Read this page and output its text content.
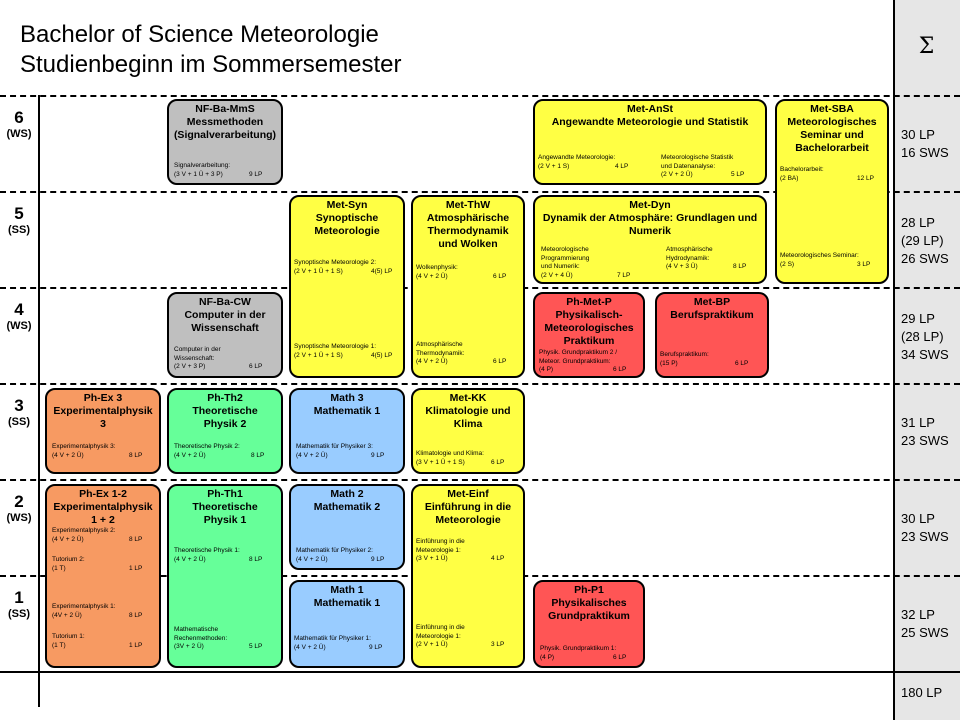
Σ
Bachelor of Science Meteorologie
Studienbeginn im Sommersemester
6
(WS)
5
(SS)
4
(WS)
3
(SS)
2
(WS)
1
(SS)
30 LP
16 SWS
28 LP
(29 LP)
26 SWS
29 LP
(28 LP)
34 SWS
31 LP
23 SWS
30 LP
23 SWS
32 LP
25 SWS
180 LP
Ph-Ex 3
Experimentalphysik
3
Experimentalphysik 3:
(4 V + 2 Ü)	8 LP
Ph-Ex 1-2
Experimentalphysik
1 + 2
Experimentalphysik 2:
(4 V + 2 Ü)	8 LP
Tutorium 2:
(1 T)	1 LP
Experimentalphysik 1:
(4V + 2 Ü)	8 LP
Tutorium 1:
(1 T)	1 LP
Ph-Th2
Theoretische
Physik 2
Theoretische Physik 2:
(4 V + 2 Ü)	8 LP
Ph-Th1
Theoretische
Physik 1
Theoretische Physik 1:
(4 V + 2 Ü)	8 LP
Mathematische
Rechenmethoden:
(3V + 2 Ü)	5 LP
NF-Ba-CW
Computer in der
Wissenschaft
Computer in der
Wissenschaft:
(2 V + 3 P)	6 LP
NF-Ba-MmS
Messmethoden
(Signalverarbeitung)
Signalverarbeitung:
(3 V + 1 Ü + 3 P)	9 LP
Math 3
Mathematik 1
Mathematik für Physiker 3:
(4 V + 2 Ü)	9 LP
Math 2
Mathematik 2
Mathematik für Physiker 2:
(4 V + 2 Ü)	9 LP
Math 1
Mathematik 1
Mathematik für Physiker 1:
(4 V + 2 Ü)	9 LP
Met-Syn
Synoptische
Meteorologie
Synoptische Meteorologie 2:
(2 V + 1 Ü + 1 S)	4(5) LP
Synoptische Meteorologie 1:
(2 V + 1 Ü + 1 S)	4(5) LP
Met-ThW
Atmosphärische
Thermodynamik
und Wolken
Wolkenphysik:
(4 V + 2 Ü)	6 LP
Atmosphärische
Thermodynamik:
(4 V + 2 Ü)	6 LP
Met-KK
Klimatologie und
Klima
Klimatologie und Klima:
(3 V + 1 Ü + 1 S)	6 LP
Met-Einf
Einführung in die
Meteorologie
Einführung in die
Meteorologie 1:
(3 V + 1 Ü)	4 LP
Einführung in die
Meteorologie 1:
(2 V + 1 Ü)	3 LP
Met-AnSt
Angewandte Meteorologie und Statistik
Angewandte Meteorologie:
(2 V + 1 S)	4 LP
Meteorologische Statistik
und Datenanalyse:
(2 V + 2 Ü)	5 LP
Met-Dyn
Dynamik der Atmosphäre: Grundlagen und
Numerik
Meteorologische
Programmierung
und Numerik:
(2 V + 4 Ü)	7 LP
Atmosphärische
Hydrodynamik:
(4 V + 3 Ü)	8 LP
Ph-Met-P
Physikalisch-
Meteorologisches
Praktikum
Physik. Grundpraktikum 2 /
Meteor. Grundpraktikum:
(4 P)	6 LP
Met-BP
Berufspraktikum
Berufspraktikum:
(15 P)	6 LP
Ph-P1
Physikalisches
Grundpraktikum
Physik. Grundpraktikum 1:
(4 P)	6 LP
Met-SBA
Meteorologisches
Seminar und
Bachelorarbeit
Bachelorarbeit:
(2 BA)	12 LP
Meteorologisches Seminar:
(2 S)	3 LP
